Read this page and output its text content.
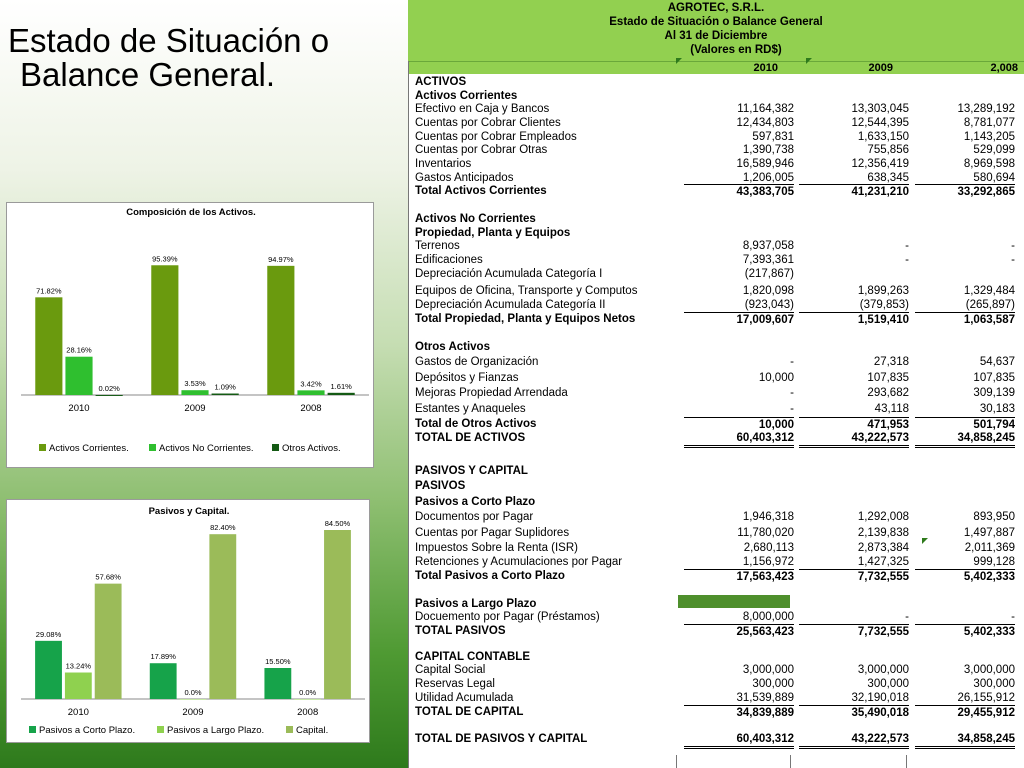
Estado de Situación o
Balance General.
Composición de los Activos.
2010
71.82%
28.16%
0.02%
2009
95.39%
3.53% 1.09%
2008
94.97%
3.42% 1.61%
Activos Corrientes.	Activos No Corrientes.	Otros Activos.
Pasivos y Capital.
2010
29.08%
13.24%
57.68%
2009
17.89%
0.0%
82.40%
2008
15.50%
0.0%
84.50%
Pasivos a Corto Plazo.	Pasivos a Largo Plazo.	Capital.
AGROTEC, S.R.L.
Estado de Situación o Balance General
Al 31 de Diciembre
(Valores en RD$)
2010	2009	2,008
ACTIVOS
Activos Corrientes
Efectivo en Caja y Bancos	11,164,382	13,303,045	13,289,192
Cuentas por Cobrar Clientes	12,434,803	12,544,395	8,781,077
Cuentas por Cobrar Empleados	597,831	1,633,150	1,143,205
Cuentas por Cobrar Otras	1,390,738	755,856	529,099
Inventarios	16,589,946	12,356,419	8,969,598
Gastos Anticipados	1,206,005	638,345	580,694
Total Activos Corrientes	43,383,705	41,231,210	33,292,865
Activos No Corrientes
Propiedad, Planta y Equipos
Terrenos	8,937,058	-	-
Edificaciones	7,393,361	-	-
Depreciación Acumulada Categoría I	(217,867)
Equipos de Oficina, Transporte y Computos	1,820,098	1,899,263	1,329,484
Depreciación Acumulada Categoría II	(923,043)	(379,853)	(265,897)
Total Propiedad, Planta y Equipos Netos	17,009,607	1,519,410	1,063,587
Otros Activos
Gastos de Organización	-	27,318	54,637
Depósitos y Fianzas	10,000	107,835	107,835
Mejoras Propiedad Arrendada	-	293,682	309,139
Estantes y Anaqueles	-	43,118	30,183
Total de Otros Activos	10,000	471,953	501,794
TOTAL DE ACTIVOS	60,403,312	43,222,573	34,858,245
PASIVOS Y CAPITAL
PASIVOS
Pasivos a Corto Plazo
Documentos por Pagar	1,946,318	1,292,008	893,950
Cuentas por Pagar Suplidores	11,780,020	2,139,838	1,497,887
Impuestos Sobre la Renta (ISR)	2,680,113	2,873,384	2,011,369
Retenciones y Acumulaciones por Pagar	1,156,972	1,427,325	999,128
Total Pasivos a Corto Plazo	17,563,423	7,732,555	5,402,333
Pasivos a Largo Plazo
Docuemento por Pagar (Préstamos)	8,000,000	-	-
TOTAL PASIVOS	25,563,423	7,732,555	5,402,333
CAPITAL CONTABLE
Capital Social	3,000,000	3,000,000	3,000,000
Reservas Legal	300,000	300,000	300,000
Utilidad Acumulada	31,539,889	32,190,018	26,155,912
TOTAL DE CAPITAL	34,839,889	35,490,018	29,455,912
TOTAL DE PASIVOS Y CAPITAL	60,403,312	43,222,573	34,858,245
